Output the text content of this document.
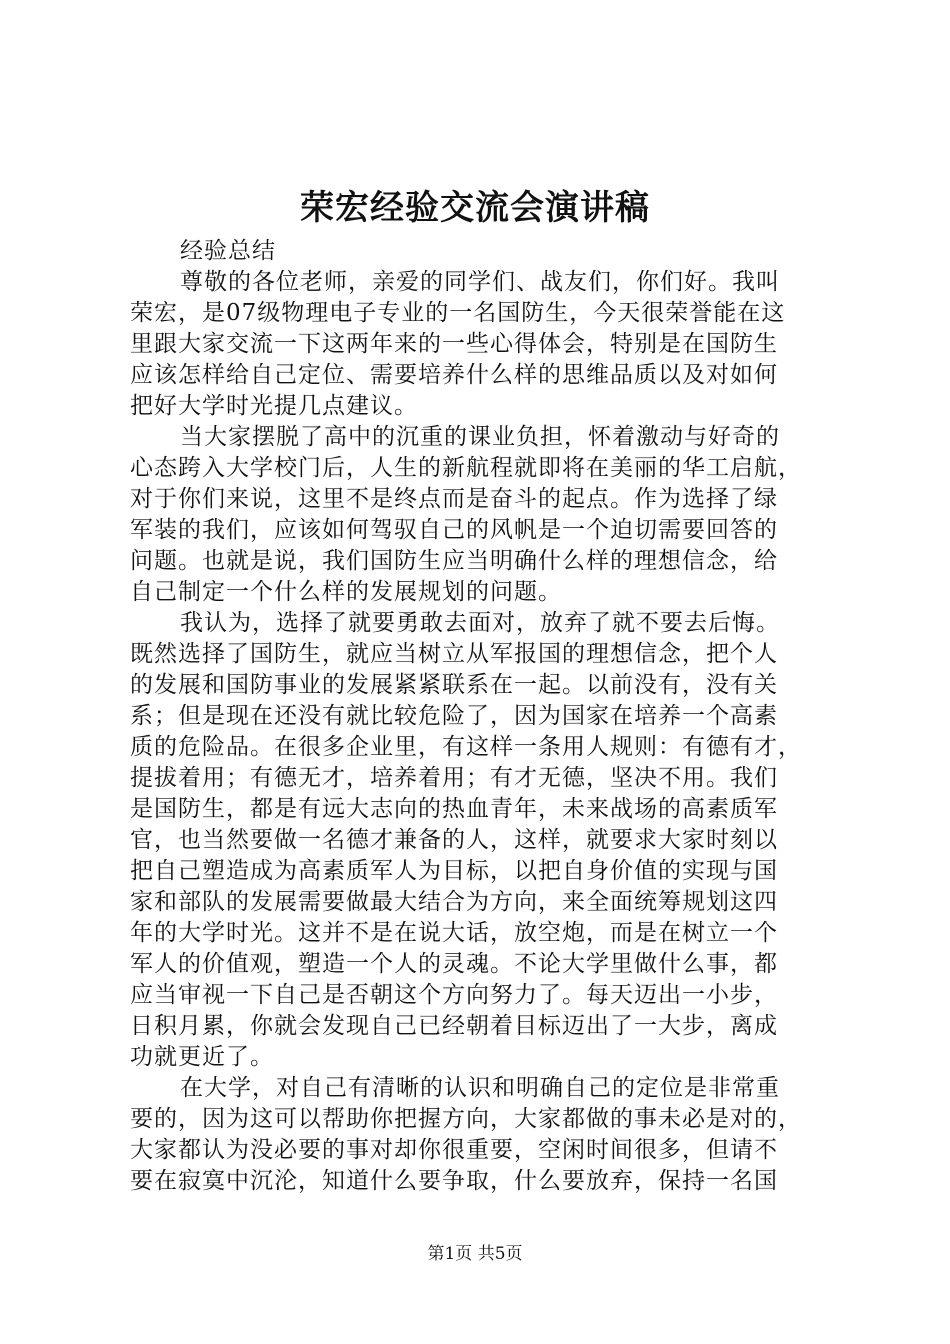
荣宏经验交流会演讲稿
经验总结
尊敬的各位老师，亲爱的同学们、战友们，你们好。我叫
荣宏，是07级物理电子专业的一名国防生，今天很荣誉能在这
里跟大家交流一下这两年来的一些心得体会，特别是在国防生
应该怎样给自己定位、需要培养什么样的思维品质以及对如何
把好大学时光提几点建议。
当大家摆脱了高中的沉重的课业负担，怀着激动与好奇的
心态跨入大学校门后，人生的新航程就即将在美丽的华工启航，
对于你们来说，这里不是终点而是奋斗的起点。作为选择了绿
军装的我们，应该如何驾驭自己的风帆是一个迫切需要回答的
问题。也就是说，我们国防生应当明确什么样的理想信念，给
自己制定一个什么样的发展规划的问题。
我认为，选择了就要勇敢去面对，放弃了就不要去后悔。
既然选择了国防生，就应当树立从军报国的理想信念，把个人
的发展和国防事业的发展紧紧联系在一起。以前没有，没有关
系；但是现在还没有就比较危险了，因为国家在培养一个高素
质的危险品。在很多企业里，有这样一条用人规则：有德有才，
提拔着用；有德无才，培养着用；有才无德，坚决不用。我们
是国防生，都是有远大志向的热血青年，未来战场的高素质军
官，也当然要做一名德才兼备的人，这样，就要求大家时刻以
把自己塑造成为高素质军人为目标，以把自身价值的实现与国
家和部队的发展需要做最大结合为方向，来全面统筹规划这四
年的大学时光。这并不是在说大话，放空炮，而是在树立一个
军人的价值观，塑造一个人的灵魂。不论大学里做什么事，都
应当审视一下自己是否朝这个方向努力了。每天迈出一小步，
日积月累，你就会发现自己已经朝着目标迈出了一大步，离成
功就更近了。
在大学，对自己有清晰的认识和明确自己的定位是非常重
要的，因为这可以帮助你把握方向，大家都做的事未必是对的，
大家都认为没必要的事对却你很重要，空闲时间很多，但请不
要在寂寞中沉沦，知道什么要争取，什么要放弃，保持一名国
第1页 共5页
